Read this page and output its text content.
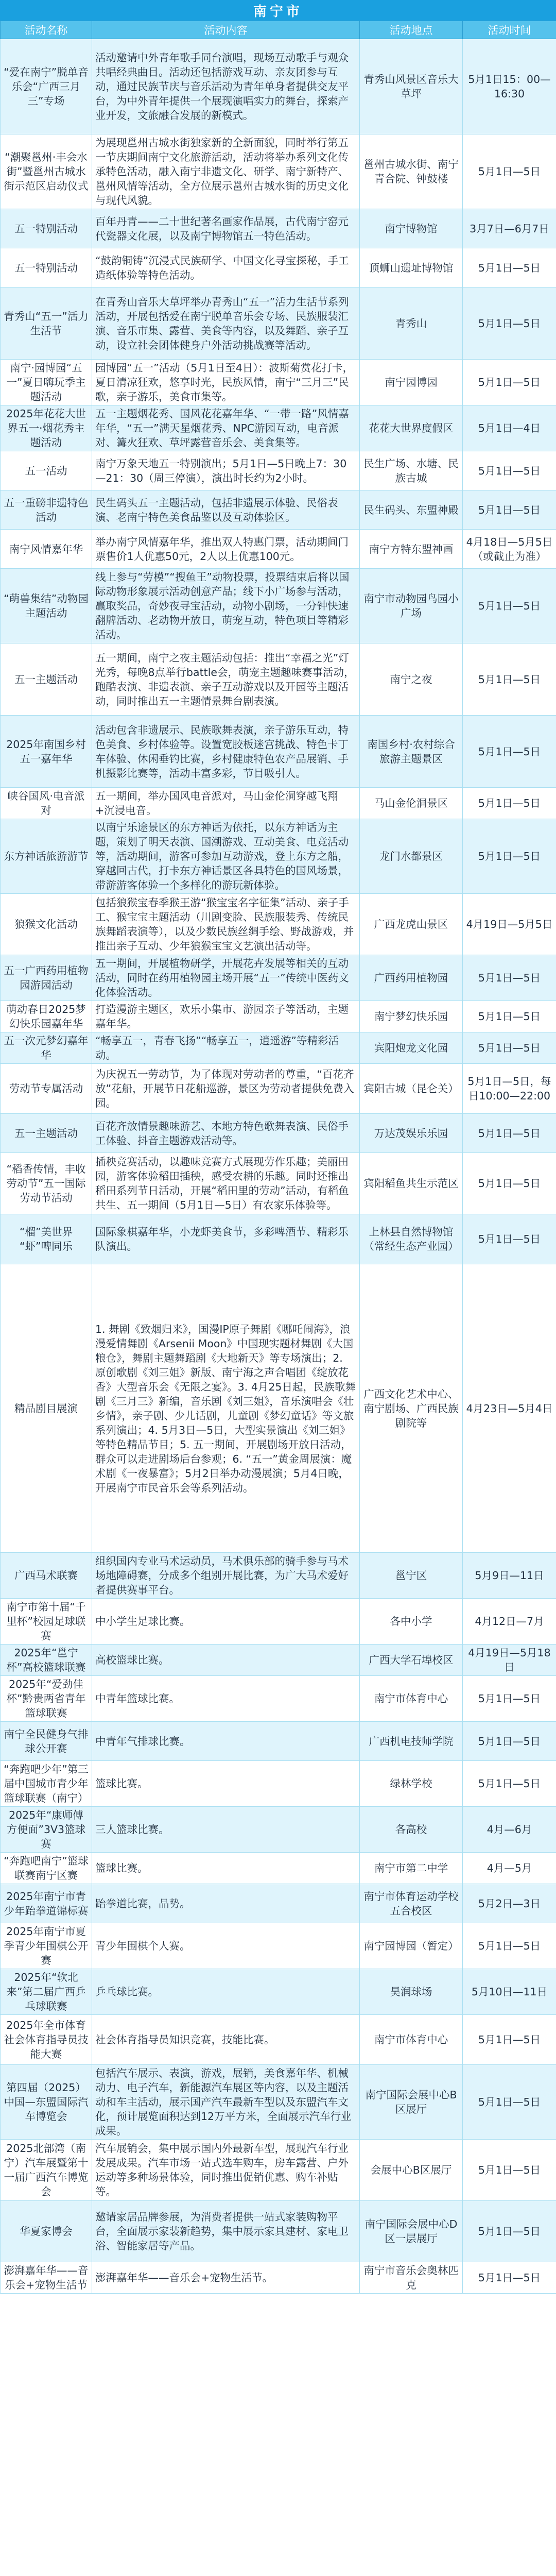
南宁市
活动名称	活动内容	活动地点	活动时间
“爱在南宁”脱单音乐会“广西三月三”专场	活动邀请中外青年歌手同台演唱，现场互动歌手与观众共唱经典曲目。活动还包括游戏互动、亲友团参与互动，通过民族节庆与音乐活动为青年单身者提供交友平台，为中外青年提供一个展现演唱实力的舞台，探索产业开发，文旅融合发展的新模式。	青秀山风景区音乐大草坪	5月1日15：00—16:30
“潮聚邕州·丰会水街”暨邕州古城水街示范区启动仪式	为展现邕州古城水街独家新的全新面貌，同时举行第五一节庆期间南宁文化旅游活动，活动将举办系列文化传承特色活动，融入南宁非遗文化、研学、南宁新特产、邕州风情等活动，全方位展示邕州古城水街的历史文化与现代风貌。	邕州古城水街、南宁青合院、钟鼓楼	5月1日—5日
五一特别活动	百年丹青——二十世纪著名画家作品展，古代南宁窑元代瓷器文化展，以及南宁博物馆五一特色活动。	南宁博物馆	3月7日—6月7日
五一特别活动	“鼓韵铜铸”沉浸式民族研学、中国文化寻宝探秘，手工造纸体验等特色活动。	顶蛳山遗址博物馆	5月1日—5日
青秀山“五一”活力生活节	在青秀山音乐大草坪举办青秀山“五一”活力生活节系列活动，开展包括爱在南宁脱单音乐会专场、民族服装汇演、音乐市集、露营、美食等内容，以及舞蹈、亲子互动，设立社会团体健身户外活动挑战赛等活动。	青秀山	5月1日—5日
南宁·园博园“五一”夏日嗨玩季主题活动	园博园“五一”活动（5月1日至4日）：波斯菊赏花打卡，夏日清凉狂欢，悠享时光，民族风情，南宁“三月三”民歌，亲子游乐，美食市集等。	南宁园博园	5月1日—5日
2025年花花大世界五一·烟花秀主题活动	五一主题烟花秀、国风花花嘉年华、“一带一路”风情嘉年华，“五一”满天星烟花秀、NPC游园互动，电音派对、篝火狂欢、草坪露营音乐会、美食集等。	花花大世界度假区	5月1日—4日
五一活动	南宁万象天地五一特别演出；5月1日—5日晚上7：30—21：30（周三停演），演出时长约为2小时。	民生广场、水塘、民族古城	5月1日—5日
五一重磅非遗特色活动	民生码头五一主题活动，包括非遗展示体验、民俗表演、老南宁特色美食品鉴以及互动体验区。	民生码头、东盟神殿	5月1日—5日
南宁风情嘉年华	举办南宁风情嘉年华，推出双人特惠门票，活动期间门票售价1人优惠50元，2人以上优惠100元。	南宁方特东盟神画	4月18日—5月5日（或截止为准）
“萌兽集结”动物园主题活动	线上参与“劳模”“搜鱼王”动物投票，投票结束后将以国际动物形象展示活动创意产品；线下小广场参与活动，赢取奖品，奇妙夜寻宝活动，动物小剧场，一分钟快速翻牌活动、老动物开放日，萌宠互动，特色项目等精彩活动。	南宁市动物园鸟园小广场	5月1日—5日
五一主题活动	五一期间，南宁之夜主题活动包括：推出“幸福之光”灯光秀，每晚8点举行battle会，萌宠主题趣味赛事活动，跑酷表演、非遗表演、亲子互动游戏以及开园等主题活动，同时推出五一主题情景舞台剧表演。	南宁之夜	5月1日—5日
2025年南国乡村五一嘉年华	活动包含非遗展示、民族歌舞表演，亲子游乐互动，特色美食、乡村体验等。设置宽胶板迷宫挑战、特色卡丁车体验、休闲垂钓比赛，乡村健康特色农产品展销、手机摄影比赛等，活动丰富多彩，节目吸引人。	南国乡村·农村综合旅游主题景区	5月1日—5日
峡谷国风·电音派对	五一期间，举办国风电音派对，马山金伦洞穿越飞翔+沉浸电音。	马山金伦洞景区	5月1日—5日
东方神话旅游游节	以南宁乐途景区的东方神话为依托，以东方神话为主题，策划了明天表演、国潮游戏、互动美食、电竞活动等，活动期间，游客可参加互动游戏，登上东方之船，穿越回古代，打卡东方神话景区各具特色的国风场景，带游游客体验一个多样化的游玩新体验。	龙门水都景区	5月1日—5日
狼猴文化活动	包括狼猴宝春季猴王游“猴宝宝名字征集”活动、亲子手工、猴宝宝主题活动（川剧变脸、民族服装秀、传统民族舞蹈表演等），以及少数民族丝绸手绘、野战游戏，并推出亲子互动、少年狼猴宝宝文艺演出活动等。	广西龙虎山景区	4月19日—5月5日
五一广西药用植物园游园活动	五一期间，开展植物研学，开展花卉发展等相关的互动活动，同时在药用植物园主场开展“五一”传统中医药文化体验活动。	广西药用植物园	5月1日—5日
萌动春日2025梦幻快乐园嘉年华	打造漫游主题区，欢乐小集市、游园亲子等活动，主题嘉年华。	南宁梦幻快乐园	5月1日—5日
五一次元梦幻嘉年华	“畅享五一，青春飞扬”“畅享五一，逍遥游”等精彩活动。	宾阳炮龙文化园	5月1日—5日
劳动节专属活动	为庆祝五一劳动节，为了体现对劳动者的尊重，“百花齐放”花船，开展节日花船巡游，景区为劳动者提供免费入园。	宾阳古城（昆仑关）	5月1日—5日，每日10:00—22:00
五一主题活动	百花齐放情景趣味游艺、本地方特色歌舞表演、民俗手工体验、抖音主题游戏活动等。	万达茂娱乐乐园	5月1日—5日
“稻香传情，丰收劳动节”五一国际劳动节活动	插秧竞赛活动，以趣味竞赛方式展现劳作乐趣；美丽田园，游客体验稻田插秧，感受农耕的乐趣。同时还推出稻田系列节日活动，开展“稻田里的劳动”活动，有稻鱼共生、五一期间（5月1日—5日）有农家乐体验等。	宾阳稻鱼共生示范区	5月1日—5日
“榴”美世界 “虾”啤同乐	国际象棋嘉年华，小龙虾美食节，多彩啤酒节、精彩乐队演出。	上林县自然博物馆（常经生态产业园）	5月1日—5日
精品剧目展演	1. 舞剧《致烟归来》，国漫IP原子舞剧《哪吒闹海》，浪漫爱情舞剧《Arsenii Moon》中国现实题材舞剧《大国粮仓》，舞剧主题舞蹈剧《大地新天》等专场演出；2. 原创歌剧《刘三姐》新版、南宁海之声合唱团《绽放花香》大型音乐会《无限之宴》。3. 4月25日起，民族歌舞剧《三月三》新编，音乐剧《刘三姐》，音乐演唱会《壮乡情》，亲子剧、少儿话剧，儿童剧《梦幻童话》等文旅系列演出；4. 5月3日—5日，大型实景演出《刘三姐》等特色精品节目；5. 五一期间，开展剧场开放日活动，群众可以走进剧场后台参观；6. “五一”黄金周展演：魔术剧《一夜暴富》；5月2日举办动漫展演；5月4日晚，开展南宁市民音乐会等系列活动。	广西文化艺术中心、南宁剧场、广西民族剧院等	4月23日—5月4日
广西马术联赛	组织国内专业马术运动员，马术俱乐部的骑手参与马术场地障碍赛，分成多个组别开展比赛，为广大马术爱好者提供赛事平台。	邕宁区	5月9日—11日
南宁市第十届“千里杯”校园足球联赛	中小学生足球比赛。	各中小学	4月12日—7月
2025年“邕宁杯”高校篮球联赛	高校篮球比赛。	广西大学石埠校区	4月19日—5月18日
2025年“爱劲佳杯”黔贵两省青年篮球联赛	中青年篮球比赛。	南宁市体育中心	5月1日—5日
南宁全民健身气排球公开赛	中青年气排球比赛。	广西机电技师学院	5月1日—5日
“奔跑吧少年”第三届中国城市青少年篮球联赛（南宁）	篮球比赛。	绿林学校	5月1日—5日
2025年“康师傅方便面”3V3篮球赛	三人篮球比赛。	各高校	4月—6月
“奔跑吧南宁”篮球联赛南宁区赛	篮球比赛。	南宁市第二中学	4月—5月
2025年南宁市青少年跆拳道锦标赛	跆拳道比赛，品势。	南宁市体育运动学校五合校区	5月2日—3日
2025年南宁市夏季青少年围棋公开赛	青少年围棋个人赛。	南宁园博园（暂定）	5月1日—5日
2025年“软北来”第二届广西乒乓球联赛	乒乓球比赛。	昊润球场	5月10日—11日
2025年全市体育社会体育指导员技能大赛	社会体育指导员知识竞赛，技能比赛。	南宁市体育中心	5月1日—5日
第四届（2025）中国—东盟国际汽车博览会	包括汽车展示、表演，游戏，展销，美食嘉年华、机械动力、电子汽车，新能源汽车展区等内容，以及主题活动和车主活动，展示国产汽车最新车型以及东盟汽车文化，预计展览面积达到12万平方米，全面展示汽车行业成果。	南宁国际会展中心B区展厅	5月1日—5日
2025北部湾（南宁）汽车展暨第十一届广西汽车博览会	汽车展销会，集中展示国内外最新车型，展现汽车行业发展成果。汽车市场一站式选车购车，房车露营、户外运动等多种场景体验，同时推出促销优惠、购车补贴等。	会展中心B区展厅	5月1日—5日
华夏家博会	邀请家居品牌参展，为消费者提供一站式家装购物平台，全面展示家装新趋势，集中展示家具建材、家电卫浴、智能家居等产品。	南宁国际会展中心D区一层展厅	5月1日—5日
澎湃嘉年华——音乐会+宠物生活节	澎湃嘉年华——音乐会+宠物生活节。	南宁市音乐会奥林匹克	5月1日—5日
